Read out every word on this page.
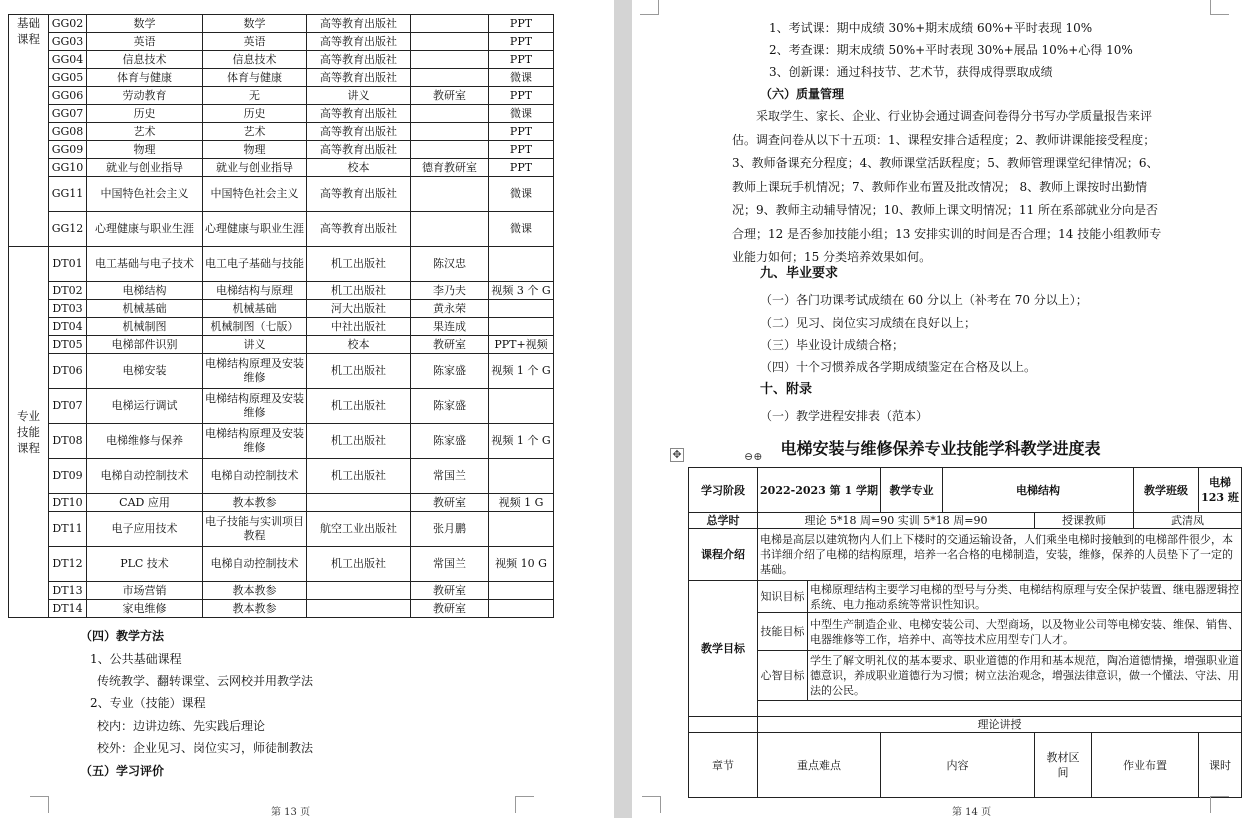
基础课程	GG02	数学	数学	高等教育出版社		PPT
	GG03	英语	英语	高等教育出版社		PPT
	GG04	信息技术	信息技术	高等教育出版社		PPT
	GG05	体育与健康	体育与健康	高等教育出版社		微课
	GG06	劳动教育	无	讲义	教研室	PPT
	GG07	历史	历史	高等教育出版社		微课
	GG08	艺术	艺术	高等教育出版社		PPT
	GG09	物理	物理	高等教育出版社		PPT
	GG10	就业与创业指导	就业与创业指导	校本	德育教研室	PPT
	GG11	中国特色社会主义	中国特色社会主义	高等教育出版社		微课
	GG12	心理健康与职业生涯	心理健康与职业生涯	高等教育出版社		微课
专业技能课程	DT01	电工基础与电子技术	电工电子基础与技能	机工出版社	陈汉忠	
	DT02	电梯结构	电梯结构与原理	机工出版社	李乃夫	视频 3 个 G
	DT03	机械基础	机械基础	河大出版社	黄永荣	
	DT04	机械制图	机械制图（七版）	中社出版社	果连成	
	DT05	电梯部件识别	讲义	校本	教研室	PPT+视频
	DT06	电梯安装	电梯结构原理及安装维修	机工出版社	陈家盛	视频 1 个 G
	DT07	电梯运行调试	电梯结构原理及安装维修	机工出版社	陈家盛	
	DT08	电梯维修与保养	电梯结构原理及安装维修	机工出版社	陈家盛	视频 1 个 G
	DT09	电梯自动控制技术	电梯自动控制技术	机工出版社	常国兰	
	DT10	CAD 应用	教本教参		教研室	视频 1 G
	DT11	电子应用技术	电子技能与实训项目教程	航空工业出版社	张月鹏	
	DT12	PLC 技术	电梯自动控制技术	机工出版社	常国兰	视频 10 G
	DT13	市场营销	教本教参		教研室	
	DT14	家电维修	教本教参		教研室	
（四）教学方法
1、公共基础课程
传统教学、翻转课堂、云网校并用教学法
2、专业（技能）课程
校内：边讲边练、先实践后理论
校外：企业见习、岗位实习，师徒制教法
（五）学习评价
第 13 页
1、考试课：期中成绩 30%+期末成绩 60%+平时表现 10%
2、考查课：期末成绩 50%+平时表现 30%+展品 10%+心得 10%
3、创新课：通过科技节、艺术节，获得成得票取成绩
（六）质量管理
采取学生、家长、企业、行业协会通过调查问卷得分书写办学质量报告来评
估。调查问卷从以下十五项：1、课程安排合适程度；2、教师讲课能接受程度；
3、教师备课充分程度；4、教师课堂活跃程度；5、教师管理课堂纪律情况；6、
教师上课玩手机情况；7、教师作业布置及批改情况； 8、教师上课按时出勤情
况；9、教师主动辅导情况；10、教师上课文明情况；11 所在系部就业分向是否
合理；12 是否参加技能小组；13 安排实训的时间是否合理；14 技能小组教师专
业能力如何；15 分类培养效果如何。
九、毕业要求
（一）各门功课考试成绩在 60 分以上（补考在 70 分以上）；
（二）见习、岗位实习成绩在良好以上；
（三）毕业设计成绩合格；
（四）十个习惯养成各学期成绩鉴定在合格及以上。
十、附录
（一）教学进程安排表（范本）
电梯安装与维修保养专业技能学科教学进度表
✥	⊖⊕
学习阶段	2022-2023 第 1 学期		教学专业	电梯结构			教学班级	电梯 123 班
总学时	理论 5*18 周=90 实训 5*18 周=90				授课教师		武清凤	
课程介绍	电梯是高层以建筑物内人们上下楼时的交通运输设备，人们乘坐电梯时接触到的电梯部件很少，本书详细介绍了电梯的结构原理，培养一名合格的电梯制造，安装，维修，保养的人员垫下了一定的基础。							
教学目标	知识目标	电梯原理结构主要学习电梯的型号与分类、电梯结构原理与安全保护装置、继电器逻辑控系统、电力拖动系统等常识性知识。						
	技能目标	中型生产制造企业、电梯安装公司、大型商场，以及物业公司等电梯安装、维保、销售、电器维修等工作，培养中、高等技术应用型专门人才。						
	心智目标	学生了解文明礼仪的基本要求、职业道德的作用和基本规范，陶冶道德情操，增强职业道德意识，养成职业道德行为习惯；树立法治观念，增强法律意识，做一个懂法、守法、用法的公民。						

	理论讲授							
章节	重点难点		内容		教材区间	作业布置		课时
第 14 页
